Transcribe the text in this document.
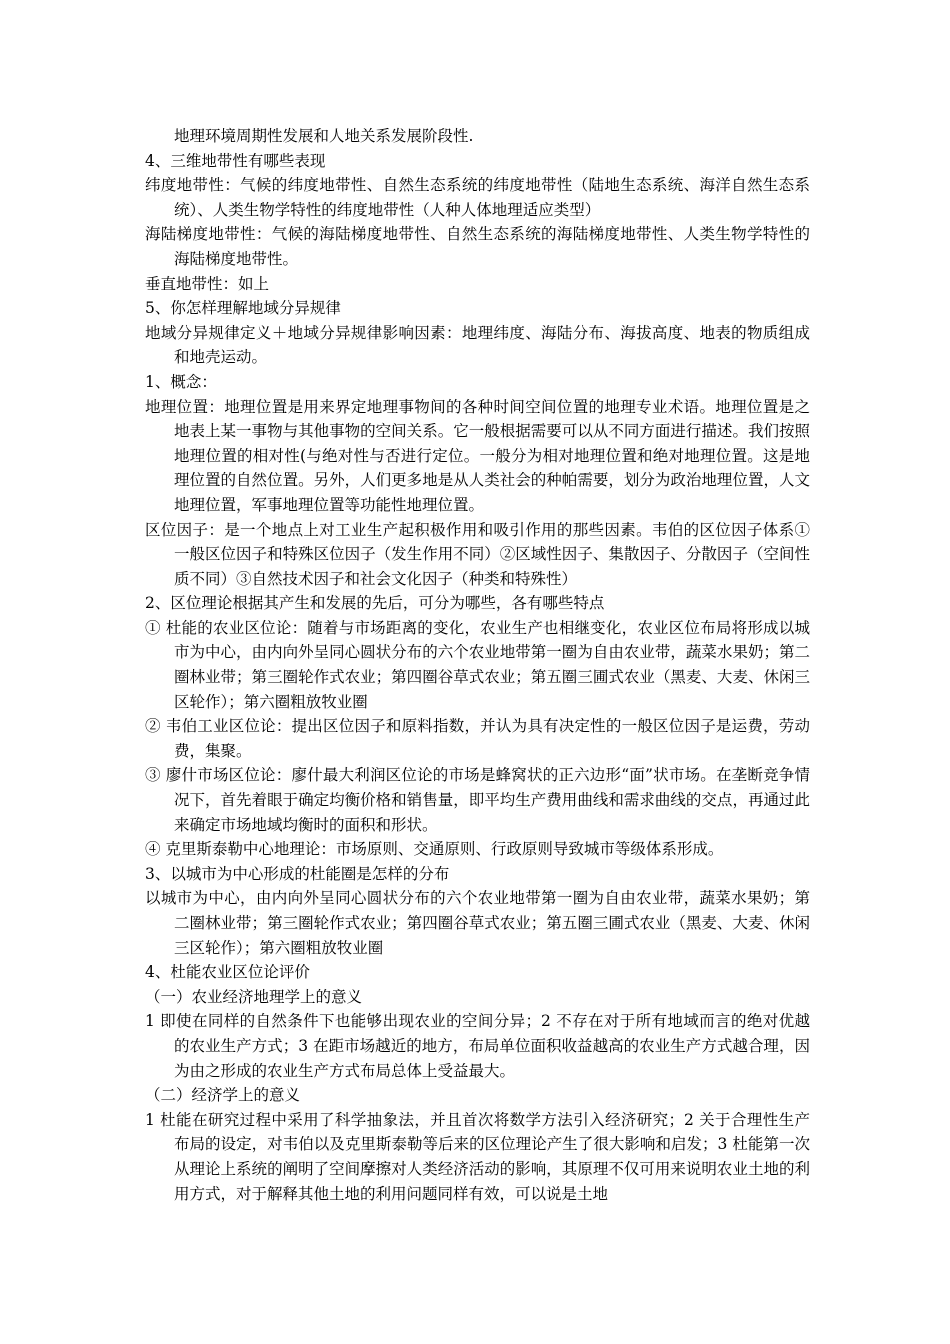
地理环境周期性发展和人地关系发展阶段性.

4、三维地带性有哪些表现

纬度地带性：气候的纬度地带性、自然生态系统的纬度地带性（陆地生态系统、海洋自然生态系统）、人类生物学特性的纬度地带性（人种人体地理适应类型）

海陆梯度地带性：气候的海陆梯度地带性、自然生态系统的海陆梯度地带性、人类生物学特性的海陆梯度地带性。

垂直地带性：如上

5、你怎样理解地域分异规律

地域分异规律定义＋地域分异规律影响因素：地理纬度、海陆分布、海拔高度、地表的物质组成和地壳运动。

1、概念：

地理位置：地理位置是用来界定地理事物间的各种时间空间位置的地理专业术语。地理位置是之地表上某一事物与其他事物的空间关系。它一般根据需要可以从不同方面进行描述。我们按照地理位置的相对性(与绝对性与否进行定位。一般分为相对地理位置和绝对地理位置。这是地理位置的自然位置。另外，人们更多地是从人类社会的种帕需要，划分为政治地理位置，人文地理位置，军事地理位置等功能性地理位置。

区位因子：是一个地点上对工业生产起积极作用和吸引作用的那些因素。韦伯的区位因子体系①一般区位因子和特殊区位因子（发生作用不同）②区域性因子、集散因子、分散因子（空间性质不同）③自然技术因子和社会文化因子（种类和特殊性）

2、区位理论根据其产生和发展的先后，可分为哪些，各有哪些特点

① 杜能的农业区位论：随着与市场距离的变化，农业生产也相继变化，农业区位布局将形成以城市为中心，由内向外呈同心圆状分布的六个农业地带第一圈为自由农业带，蔬菜水果奶；第二圈林业带；第三圈轮作式农业；第四圈谷草式农业；第五圈三圃式农业（黑麦、大麦、休闲三区轮作）；第六圈粗放牧业圈

② 韦伯工业区位论：提出区位因子和原料指数，并认为具有决定性的一般区位因子是运费，劳动费，集聚。

③ 廖什市场区位论：廖什最大利润区位论的市场是蜂窝状的正六边形“面”状市场。在垄断竞争情况下，首先着眼于确定均衡价格和销售量，即平均生产费用曲线和需求曲线的交点，再通过此来确定市场地域均衡时的面积和形状。

④ 克里斯泰勒中心地理论：市场原则、交通原则、行政原则导致城市等级体系形成。

3、以城市为中心形成的杜能圈是怎样的分布

以城市为中心，由内向外呈同心圆状分布的六个农业地带第一圈为自由农业带，蔬菜水果奶；第二圈林业带；第三圈轮作式农业；第四圈谷草式农业；第五圈三圃式农业（黑麦、大麦、休闲三区轮作）；第六圈粗放牧业圈

4、杜能农业区位论评价

（一）农业经济地理学上的意义

1 即使在同样的自然条件下也能够出现农业的空间分异；2 不存在对于所有地域而言的绝对优越的农业生产方式；3 在距市场越近的地方，布局单位面积收益越高的农业生产方式越合理，因为由之形成的农业生产方式布局总体上受益最大。

（二）经济学上的意义

1 杜能在研究过程中采用了科学抽象法，并且首次将数学方法引入经济研究；2 关于合理性生产布局的设定，对韦伯以及克里斯泰勒等后来的区位理论产生了很大影响和启发；3 杜能第一次从理论上系统的阐明了空间摩擦对人类经济活动的影响，其原理不仅可用来说明农业土地的利用方式，对于解释其他土地的利用问题同样有效，可以说是土地
